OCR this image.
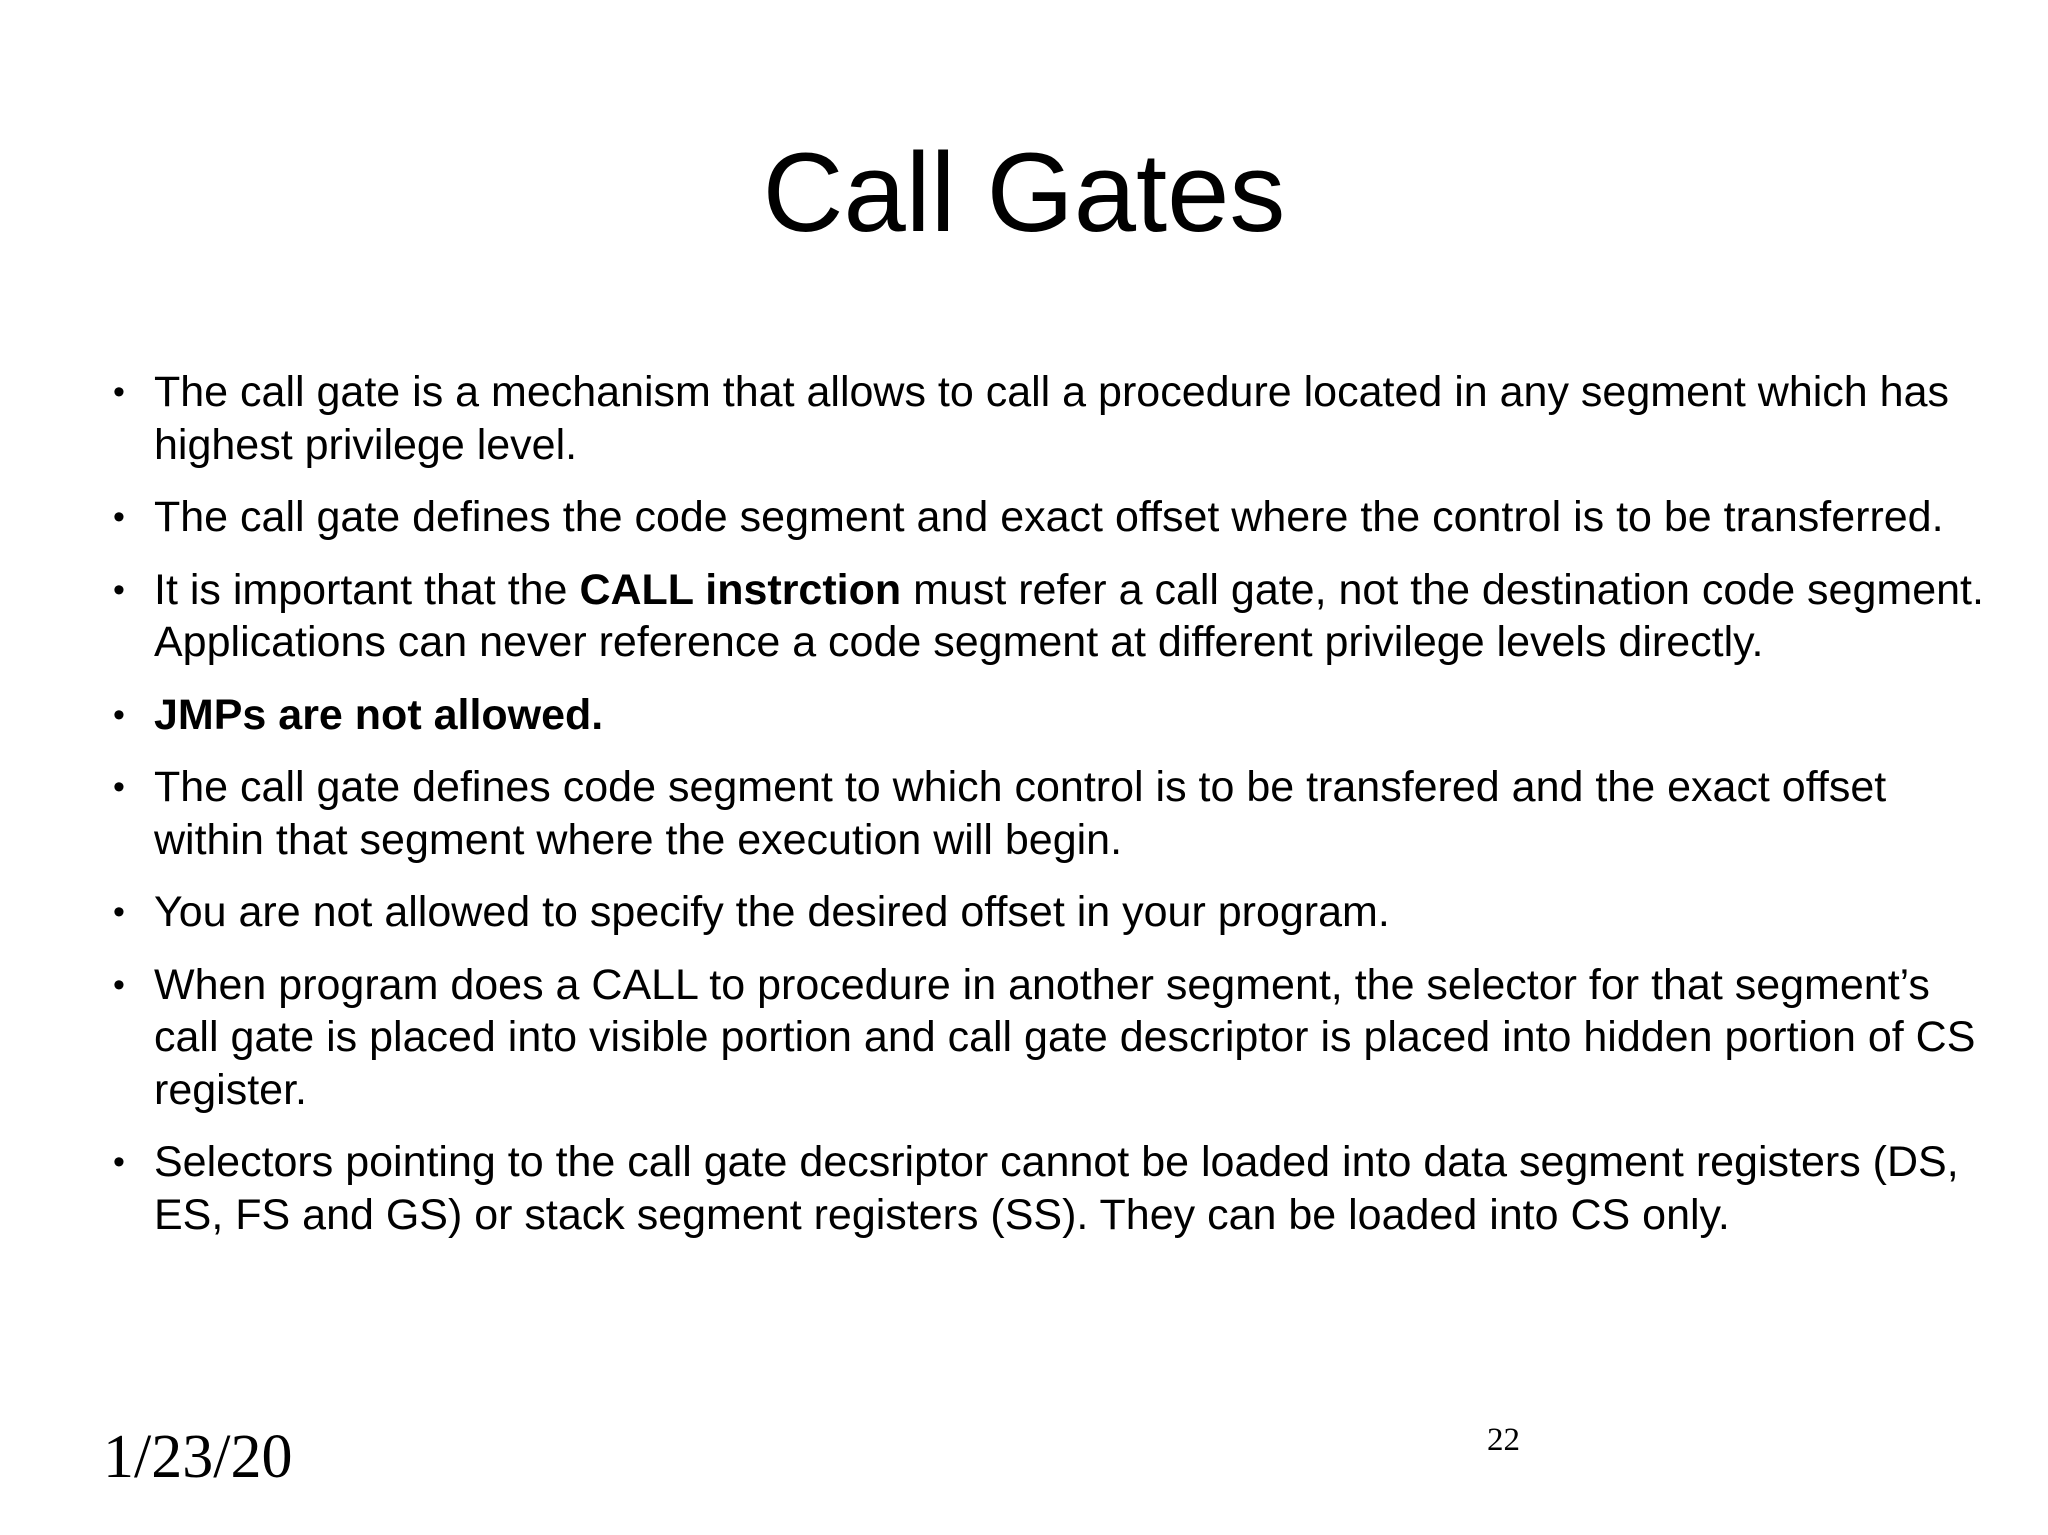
Call Gates
• The call gate is a mechanism that allows to call a procedure located in any segment which has highest privilege level.
• The call gate defines the code segment and exact offset where the control is to be transferred.
• It is important that the CALL instrction must refer a call gate, not the destination code segment. Applications can never reference a code segment at different privilege levels directly.
• JMPs are not allowed.
• The call gate defines code segment to which control is to be transfered and the exact offset within that segment where the execution will begin.
• You are not allowed to specify the desired offset in your program.
• When program does a CALL to procedure in another segment, the selector for that segment’s call gate is placed into visible portion and call gate descriptor is placed into hidden portion of CS register.
• Selectors pointing to the call gate decsriptor cannot be loaded into data segment registers (DS, ES, FS and GS) or stack segment registers (SS). They can be loaded into CS only.
1/23/20	22
